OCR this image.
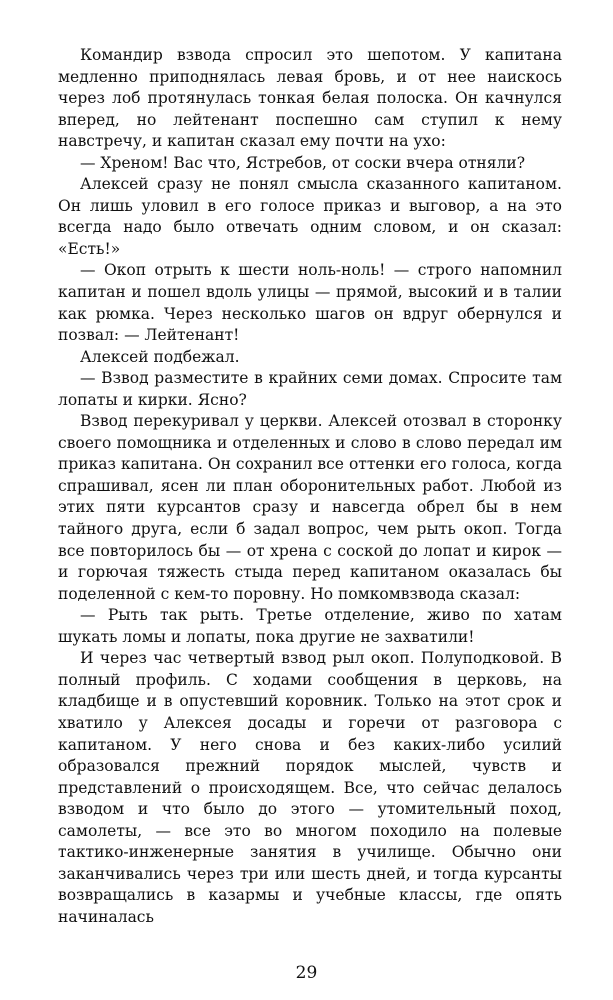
Командир взвода спросил это шепотом. У капитана медленно приподнялась левая бровь, и от нее наискось через лоб протянулась тонкая белая полоска. Он качнулся вперед, но лейтенант поспешно сам ступил к нему навстречу, и капитан сказал ему почти на ухо:

— Хреном! Вас что, Ястребов, от соски вчера отняли?

Алексей сразу не понял смысла сказанного капитаном. Он лишь уловил в его голосе приказ и выговор, а на это всегда надо было отвечать одним словом, и он сказал: «Есть!»

— Окоп отрыть к шести ноль-ноль! — строго напомнил капитан и пошел вдоль улицы — прямой, высокий и в талии как рюмка. Через несколько шагов он вдруг обернулся и позвал: — Лейтенант!

Алексей подбежал.

— Взвод разместите в крайних семи домах. Спросите там лопаты и кирки. Ясно?

Взвод перекуривал у церкви. Алексей отозвал в сторонку своего помощника и отделенных и слово в слово передал им приказ капитана. Он сохранил все оттенки его голоса, когда спрашивал, ясен ли план оборонительных работ. Любой из этих пяти курсантов сразу и навсегда обрел бы в нем тайного друга, если б задал вопрос, чем рыть окоп. Тогда все повторилось бы — от хрена с соской до лопат и кирок — и горючая тяжесть стыда перед капитаном оказалась бы поделенной с кем-то поровну. Но помкомвзвода сказал:

— Рыть так рыть. Третье отделение, живо по хатам шукать ломы и лопаты, пока другие не захватили!

И через час четвертый взвод рыл окоп. Полуподковой. В полный профиль. С ходами сообщения в церковь, на кладбище и в опустевший коровник. Только на этот срок и хватило у Алексея досады и горечи от разговора с капитаном. У него снова и без каких-либо усилий образовался прежний порядок мыслей, чувств и представлений о происходящем. Все, что сейчас делалось взводом и что было до этого — утомительный поход, самолеты, — все это во многом походило на полевые тактико-инженерные занятия в училище. Обычно они заканчивались через три или шесть дней, и тогда курсанты возвращались в казармы и учебные классы, где опять начиналась

29
